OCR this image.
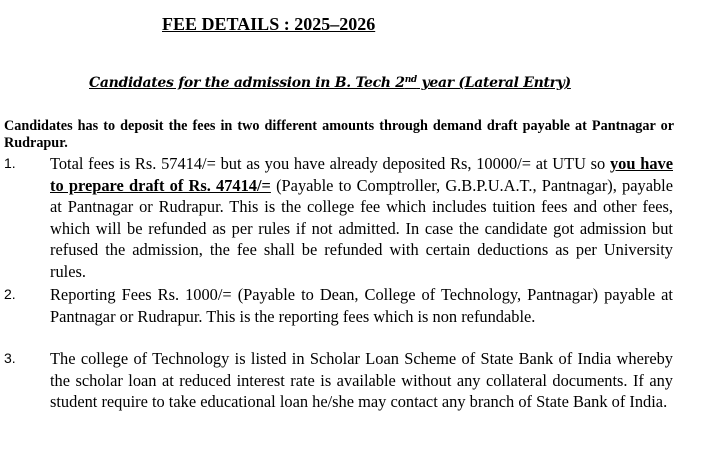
FEE DETAILS : 2025–2026
Candidates for the admission in B. Tech 2nd year (Lateral Entry)
Candidates has to deposit the fees in two different amounts through demand draft payable at Pantnagar or Rudrapur.
1. Total fees is Rs. 57414/= but as you have already deposited Rs, 10000/= at UTU so you have to prepare draft of Rs. 47414/= (Payable to Comptroller, G.B.P.U.A.T., Pantnagar), payable at Pantnagar or Rudrapur. This is the college fee which includes tuition fees and other fees, which will be refunded as per rules if not admitted. In case the candidate got admission but refused the admission, the fee shall be refunded with certain deductions as per University rules.
2. Reporting Fees Rs. 1000/= (Payable to Dean, College of Technology, Pantnagar) payable at Pantnagar or Rudrapur. This is the reporting fees which is non refundable.
3. The college of Technology is listed in Scholar Loan Scheme of State Bank of India whereby the scholar loan at reduced interest rate is available without any collateral documents. If any student require to take educational loan he/she may contact any branch of State Bank of India.
